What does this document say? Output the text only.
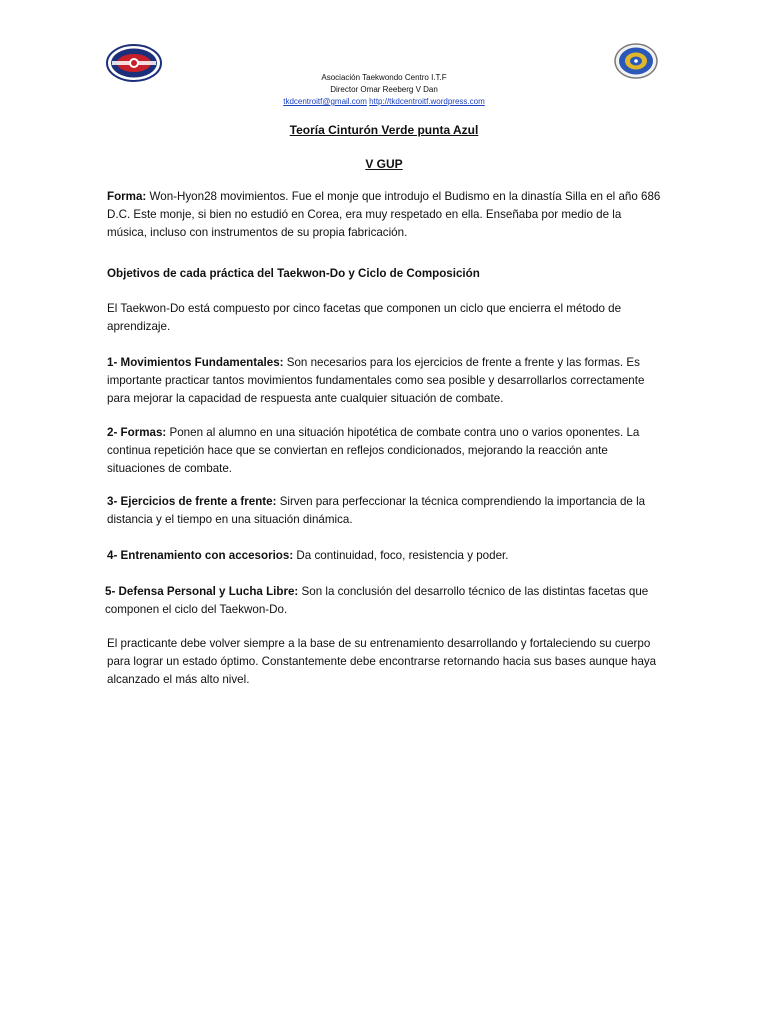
Asociación Taekwondo Centro I.T.F
Director Omar Reeberg V Dan
tkdcentroitf@gmail.com http://tkdcentroitf.wordpress.com
Teoría Cinturón Verde punta Azul
V GUP

Forma: Won-Hyon28 movimientos. Fue el monje que introdujo el Budismo en la dinastía Silla en el año 686 D.C. Este monje, si bien no estudió en Corea, era muy respetado en ella. Enseñaba por medio de la música, incluso con instrumentos de su propia fabricación.

Objetivos de cada práctica del Taekwon-Do y Ciclo de Composición

El Taekwon-Do está compuesto por cinco facetas que componen un ciclo que encierra el método de aprendizaje.

1- Movimientos Fundamentales: Son necesarios para los ejercicios de frente a frente y las formas. Es importante practicar tantos movimientos fundamentales como sea posible y desarrollarlos correctamente para mejorar la capacidad de respuesta ante cualquier situación de combate.

2- Formas: Ponen al alumno en una situación hipotética de combate contra uno o varios oponentes. La continua repetición hace que se conviertan en reflejos condicionados, mejorando la reacción ante situaciones de combate.

3- Ejercicios de frente a frente: Sirven para perfeccionar la técnica comprendiendo la importancia de la distancia y el tiempo en una situación dinámica.

4- Entrenamiento con accesorios: Da continuidad, foco, resistencia y poder.

5- Defensa Personal y Lucha Libre: Son la conclusión del desarrollo técnico de las distintas facetas que componen el ciclo del Taekwon-Do.

El practicante debe volver siempre a la base de su entrenamiento desarrollando y fortaleciendo su cuerpo para lograr un estado óptimo. Constantemente debe encontrarse retornando hacia sus bases aunque haya alcanzado el más alto nivel.
